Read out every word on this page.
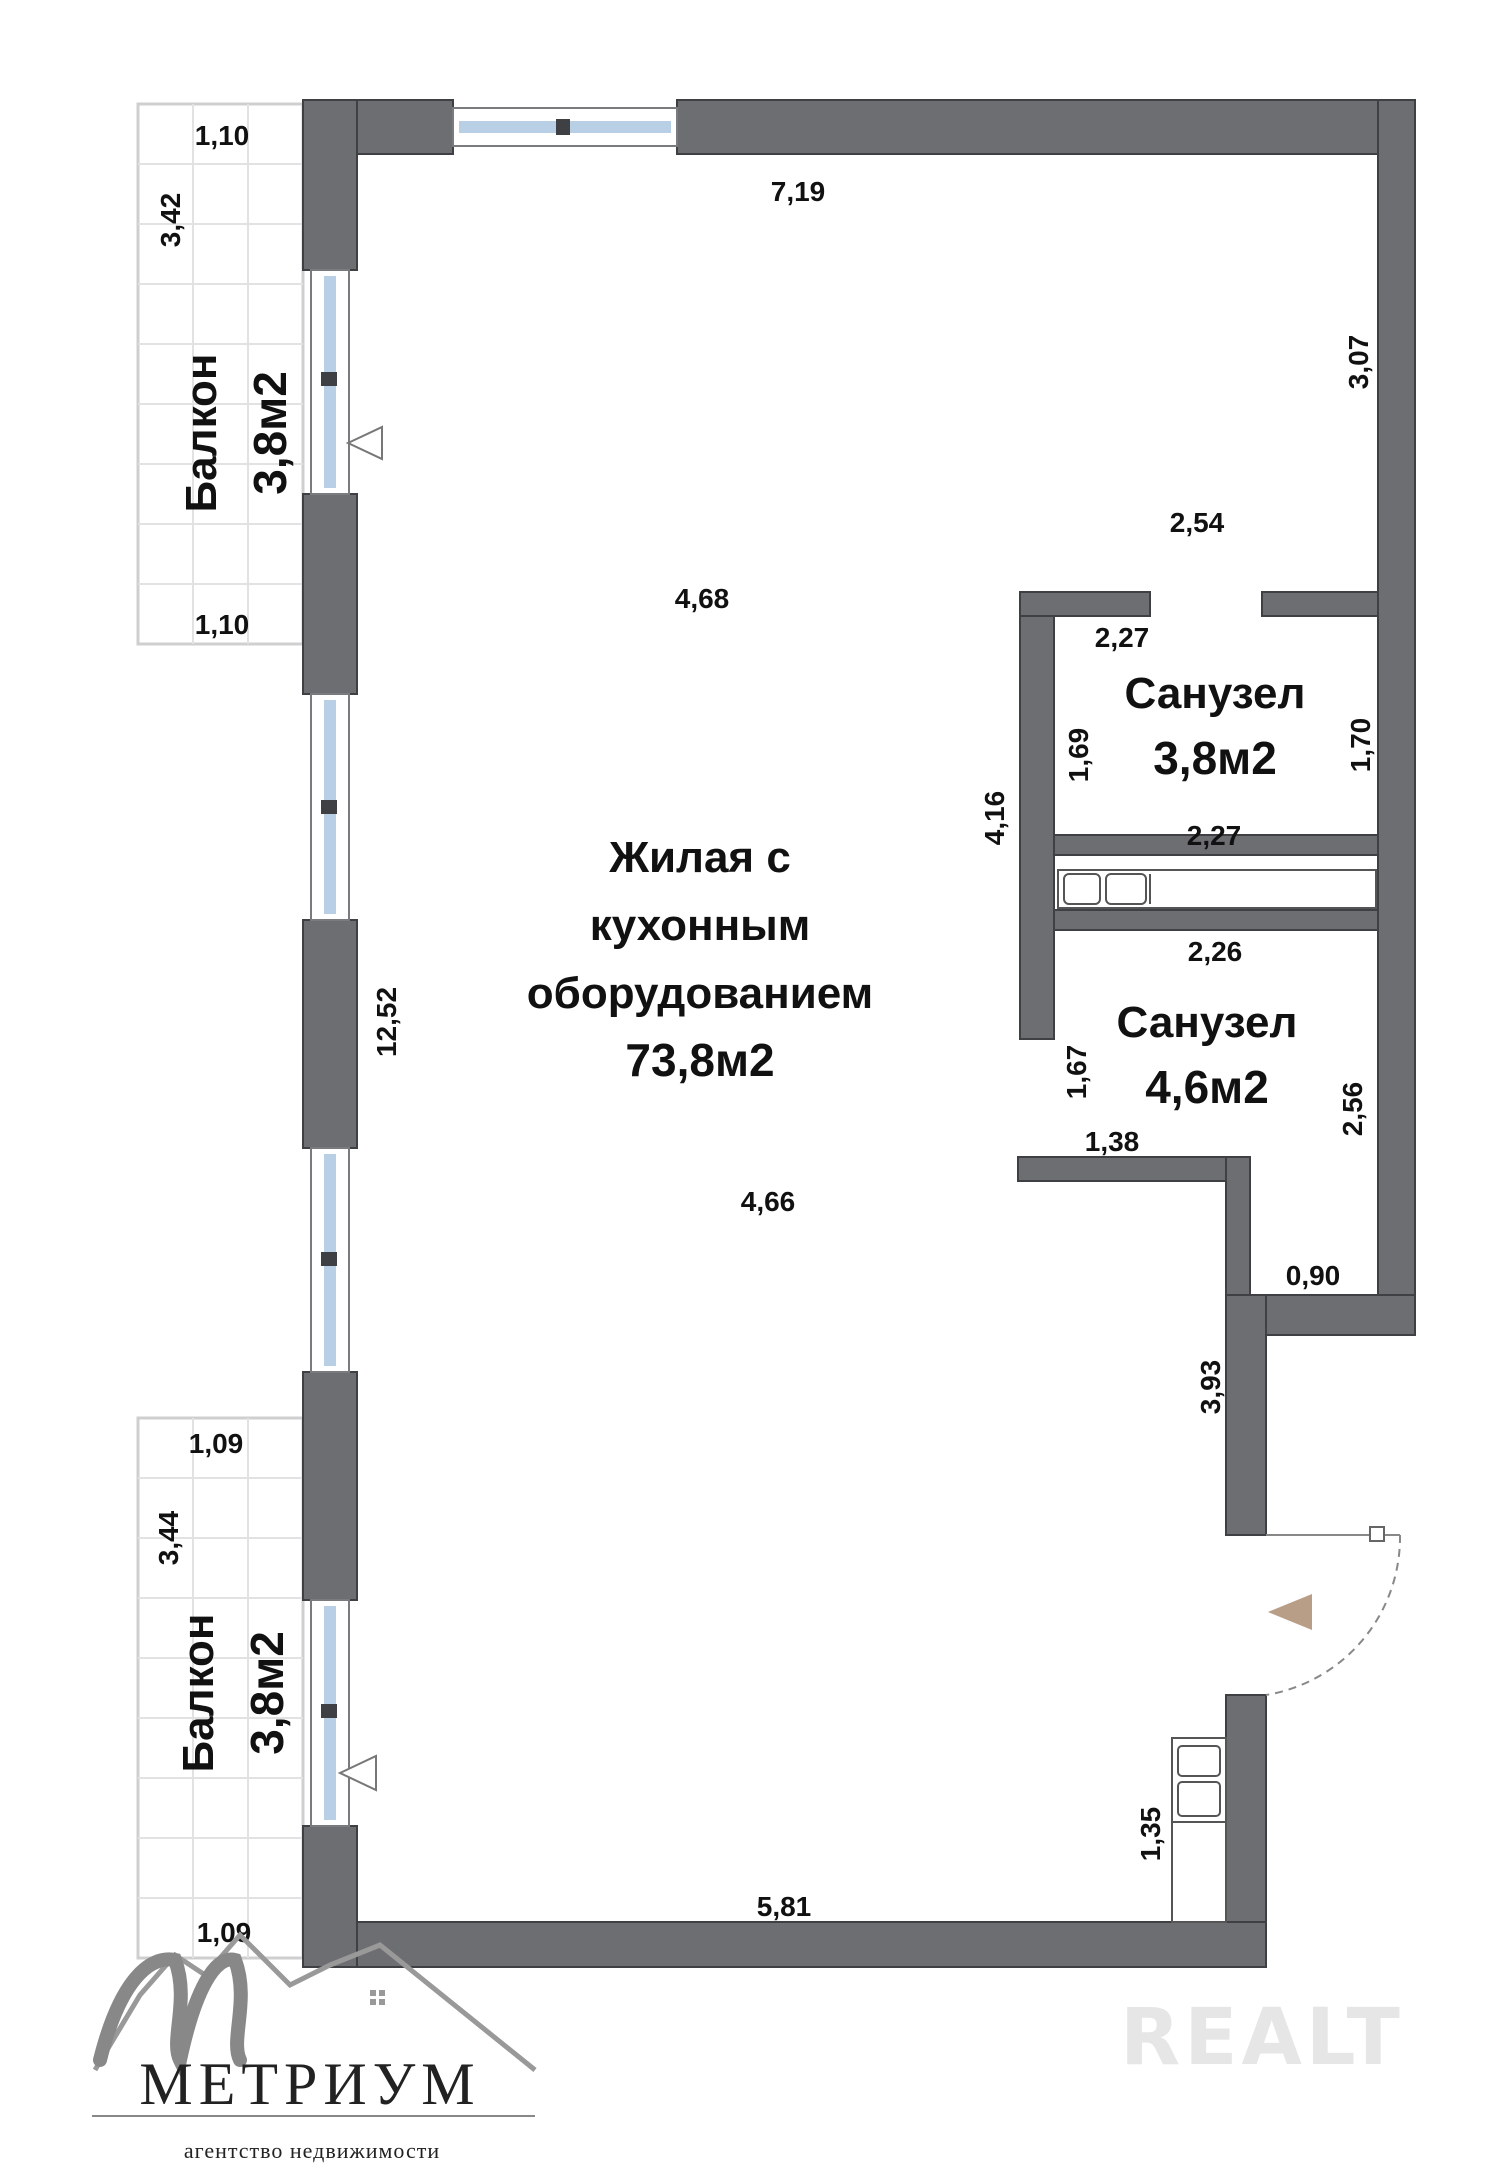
Жилая с
кухонным
оборудованием
73,8м2
Санузел
3,8м2
Санузел
4,6м2
Балкон 3,8м2
Балкон 3,8м2
7,19
2,54
4,68
4,66
2,27
2,27
2,26
1,38
0,90
5,81
1,10
1,10
1,09
1,09
3,07
12,52
4,16
1,69	1,70
1,67
2,56
3,93
1,35
3,42
3,44
МЕТРИУМ
агентство недвижимости
REALT
